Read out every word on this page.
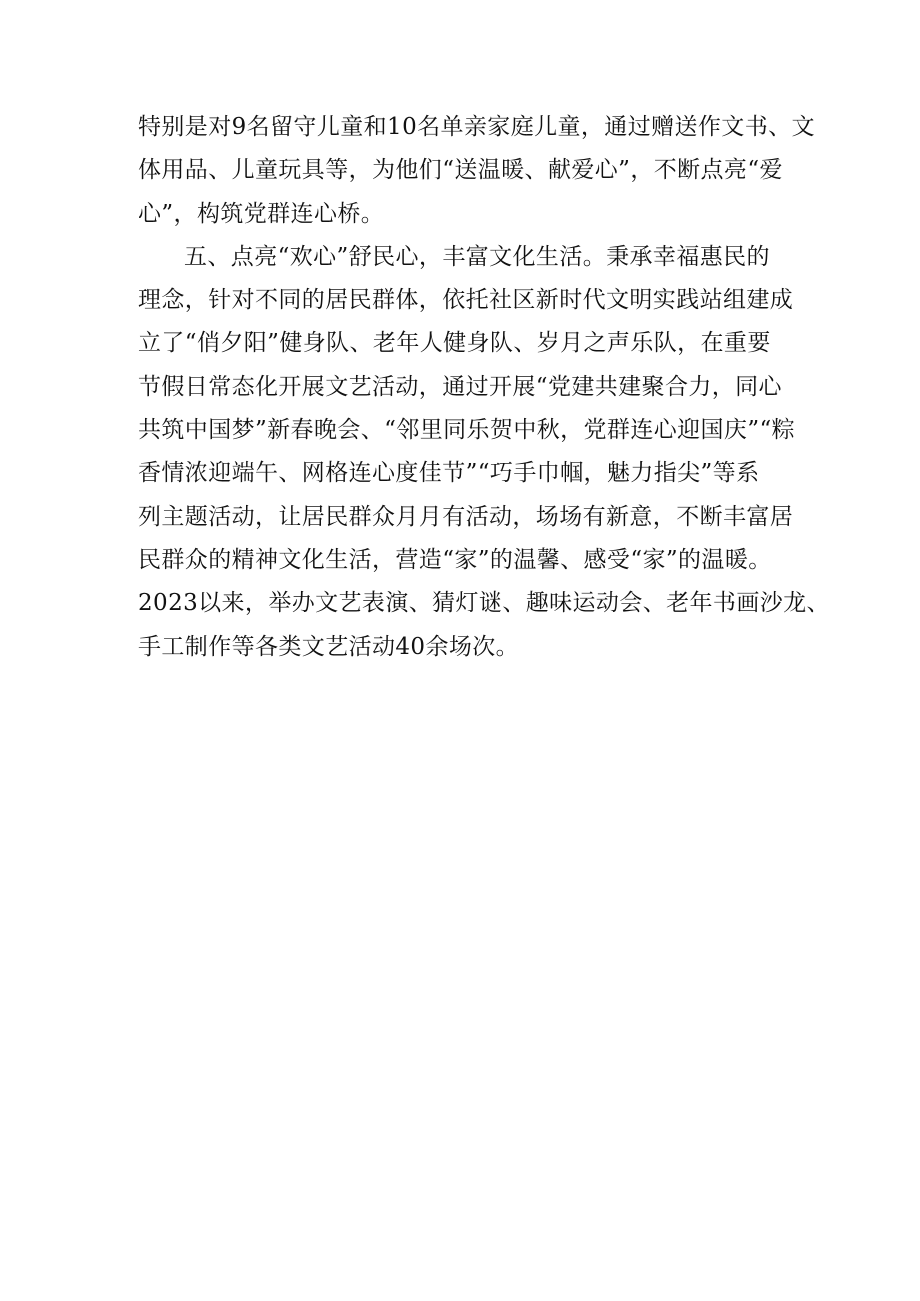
特别是对9名留守儿童和10名单亲家庭儿童，通过赠送作文书、文
体用品、儿童玩具等，为他们“送温暖、献爱心”，不断点亮“爱
心”，构筑党群连心桥。
五、点亮“欢心”舒民心，丰富文化生活。秉承幸福惠民的
理念，针对不同的居民群体，依托社区新时代文明实践站组建成
立了“俏夕阳”健身队、老年人健身队、岁月之声乐队，在重要
节假日常态化开展文艺活动，通过开展“党建共建聚合力，同心
共筑中国梦”新春晚会、“邻里同乐贺中秋，党群连心迎国庆”“粽
香情浓迎端午、网格连心度佳节”“巧手巾帼，魅力指尖”等系
列主题活动，让居民群众月月有活动，场场有新意，不断丰富居
民群众的精神文化生活，营造“家”的温馨、感受“家”的温暖。
2023以来，举办文艺表演、猜灯谜、趣味运动会、老年书画沙龙、
手工制作等各类文艺活动40余场次。
